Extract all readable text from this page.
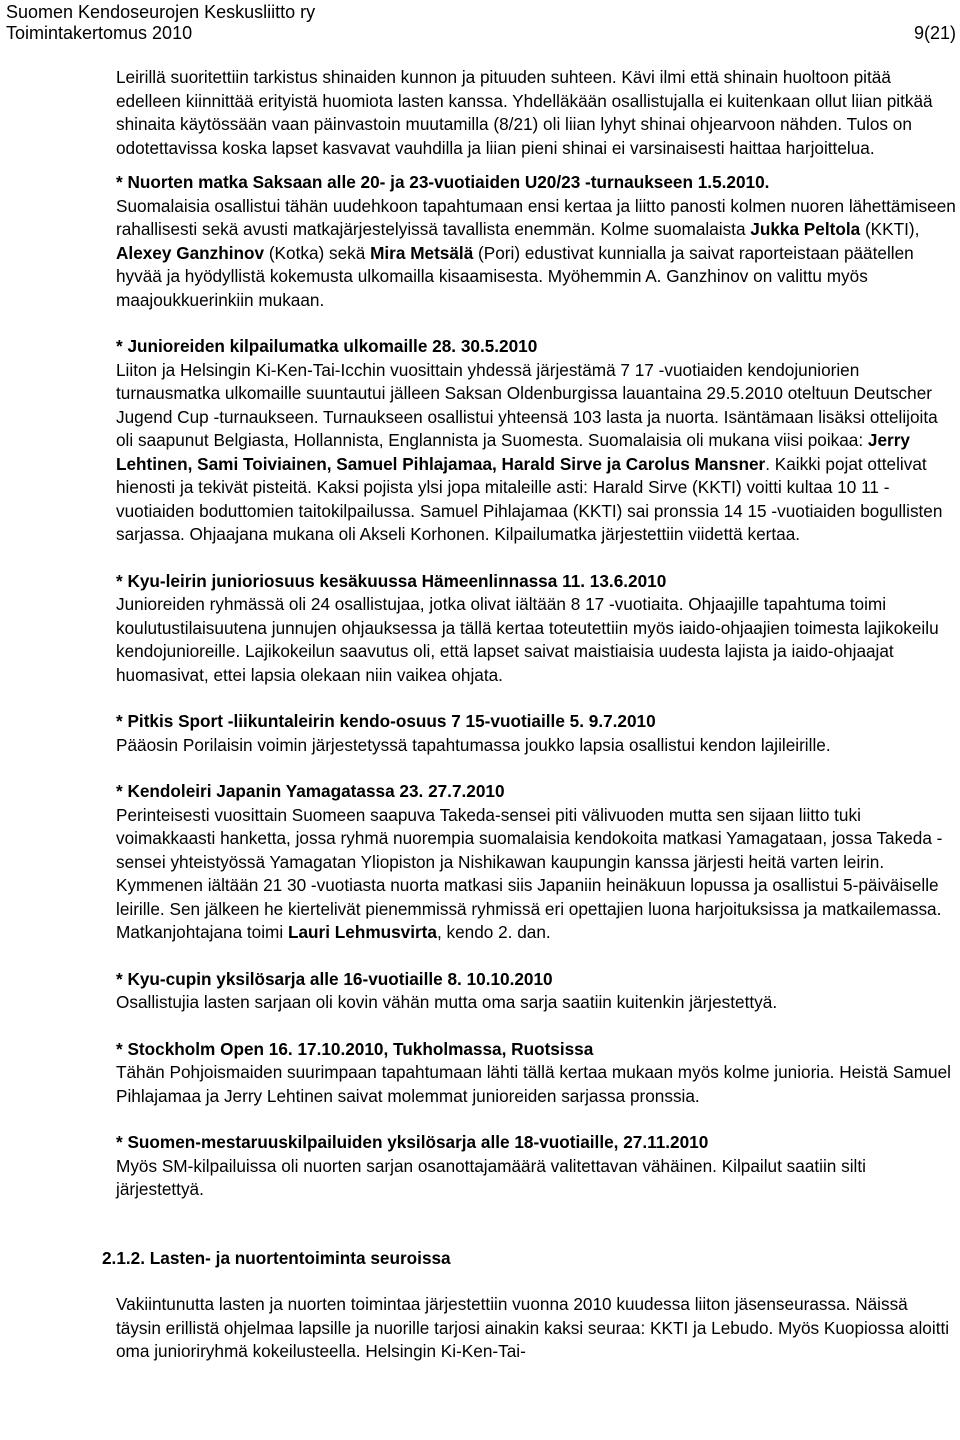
Suomen Kendoseurojen Keskusliitto ry
Toimintakertomus 2010	9(21)

Leirillä suoritettiin tarkistus shinaiden kunnon ja pituuden suhteen. Kävi ilmi että shinain huoltoon pitää edelleen kiinnittää erityistä huomiota lasten kanssa. Yhdelläkään osallistujalla ei kuitenkaan ollut liian pitkää shinaita käytössään vaan päinvastoin muutamilla (8/21) oli liian lyhyt shinai ohjearvoon nähden. Tulos on odotettavissa koska lapset kasvavat vauhdilla ja liian pieni shinai ei varsinaisesti haittaa harjoittelua.

* Nuorten matka Saksaan alle 20- ja 23-vuotiaiden U20/23 -turnaukseen 1.5.2010.

Suomalaisia osallistui tähän uudehkoon tapahtumaan ensi kertaa ja liitto panosti kolmen nuoren lähettämiseen rahallisesti sekä avusti matkajärjestelyissä tavallista enemmän. Kolme suomalaista Jukka Peltola (KKTI), Alexey Ganzhinov (Kotka) sekä Mira Metsälä (Pori) edustivat kunnialla ja saivat raporteistaan päätellen hyvää ja hyödyllistä kokemusta ulkomailla kisaamisesta. Myöhemmin A. Ganzhinov on valittu myös maajoukkuerinkiin mukaan.

* Junioreiden kilpailumatka ulkomaille 28. 30.5.2010

Liiton ja Helsingin Ki-Ken-Tai-Icchin vuosittain yhdessä järjestämä 7 17 -vuotiaiden kendojuniorien turnausmatka ulkomaille suuntautui jälleen Saksan Oldenburgissa lauantaina 29.5.2010 oteltuun Deutscher Jugend Cup -turnaukseen. Turnaukseen osallistui yhteensä 103 lasta ja nuorta. Isäntämaan lisäksi ottelijoita oli saapunut Belgiasta, Hollannista, Englannista ja Suomesta. Suomalaisia oli mukana viisi poikaa: Jerry Lehtinen, Sami Toiviainen, Samuel Pihlajamaa, Harald Sirve ja Carolus Mansner. Kaikki pojat ottelivat hienosti ja tekivät pisteitä. Kaksi pojista ylsi jopa mitaleille asti: Harald Sirve (KKTI) voitti kultaa 10 11 -vuotiaiden boduttomien taitokilpailussa. Samuel Pihlajamaa (KKTI) sai pronssia 14 15 -vuotiaiden bogullisten sarjassa. Ohjaajana mukana oli Akseli Korhonen. Kilpailumatka järjestettiin viidettä kertaa.

* Kyu-leirin junioriosuus kesäkuussa Hämeenlinnassa 11. 13.6.2010

Junioreiden ryhmässä oli 24 osallistujaa, jotka olivat iältään 8 17 -vuotiaita. Ohjaajille tapahtuma toimi koulutustilaisuutena junnujen ohjauksessa ja tällä kertaa toteutettiin myös iaido-ohjaajien toimesta lajikokeilu kendojunioreille. Lajikokeilun saavutus oli, että lapset saivat maistiaisia uudesta lajista ja iaido-ohjaajat huomasivat, ettei lapsia olekaan niin vaikea ohjata.

* Pitkis Sport -liikuntaleirin kendo-osuus 7 15-vuotiaille 5. 9.7.2010

Pääosin Porilaisin voimin järjestetyssä tapahtumassa joukko lapsia osallistui kendon lajileirille.

* Kendoleiri Japanin Yamagatassa 23. 27.7.2010

Perinteisesti vuosittain Suomeen saapuva Takeda-sensei piti välivuoden mutta sen sijaan liitto tuki voimakkaasti hanketta, jossa ryhmä nuorempia suomalaisia kendokoita matkasi Yamagataan, jossa Takeda -sensei yhteistyössä Yamagatan Yliopiston ja Nishikawan kaupungin kanssa järjesti heitä varten leirin. Kymmenen iältään 21 30 -vuotiasta nuorta matkasi siis Japaniin heinäkuun lopussa ja osallistui 5-päiväiselle leirille. Sen jälkeen he kiertelivät pienemmissä ryhmissä eri opettajien luona harjoituksissa ja matkailemassa. Matkanjohtajana toimi Lauri Lehmusvirta, kendo 2. dan.

* Kyu-cupin yksilösarja alle 16-vuotiaille 8. 10.10.2010

Osallistujia lasten sarjaan oli kovin vähän mutta oma sarja saatiin kuitenkin järjestettyä.

* Stockholm Open 16. 17.10.2010, Tukholmassa, Ruotsissa

Tähän Pohjoismaiden suurimpaan tapahtumaan lähti tällä kertaa mukaan myös kolme junioria. Heistä Samuel Pihlajamaa ja Jerry Lehtinen saivat molemmat junioreiden sarjassa pronssia.

* Suomen-mestaruuskilpailuiden yksilösarja alle 18-vuotiaille, 27.11.2010

Myös SM-kilpailuissa oli nuorten sarjan osanottajamäärä valitettavan vähäinen. Kilpailut saatiin silti järjestettyä.

2.1.2. Lasten- ja nuortentoiminta seuroissa

Vakiintunutta lasten ja nuorten toimintaa järjestettiin vuonna 2010 kuudessa liiton jäsenseurassa. Näissä täysin erillistä ohjelmaa lapsille ja nuorille tarjosi ainakin kaksi seuraa: KKTI ja Lebudo. Myös Kuopiossa aloitti oma junioriryhmä kokeilusteella. Helsingin Ki-Ken-Tai-
